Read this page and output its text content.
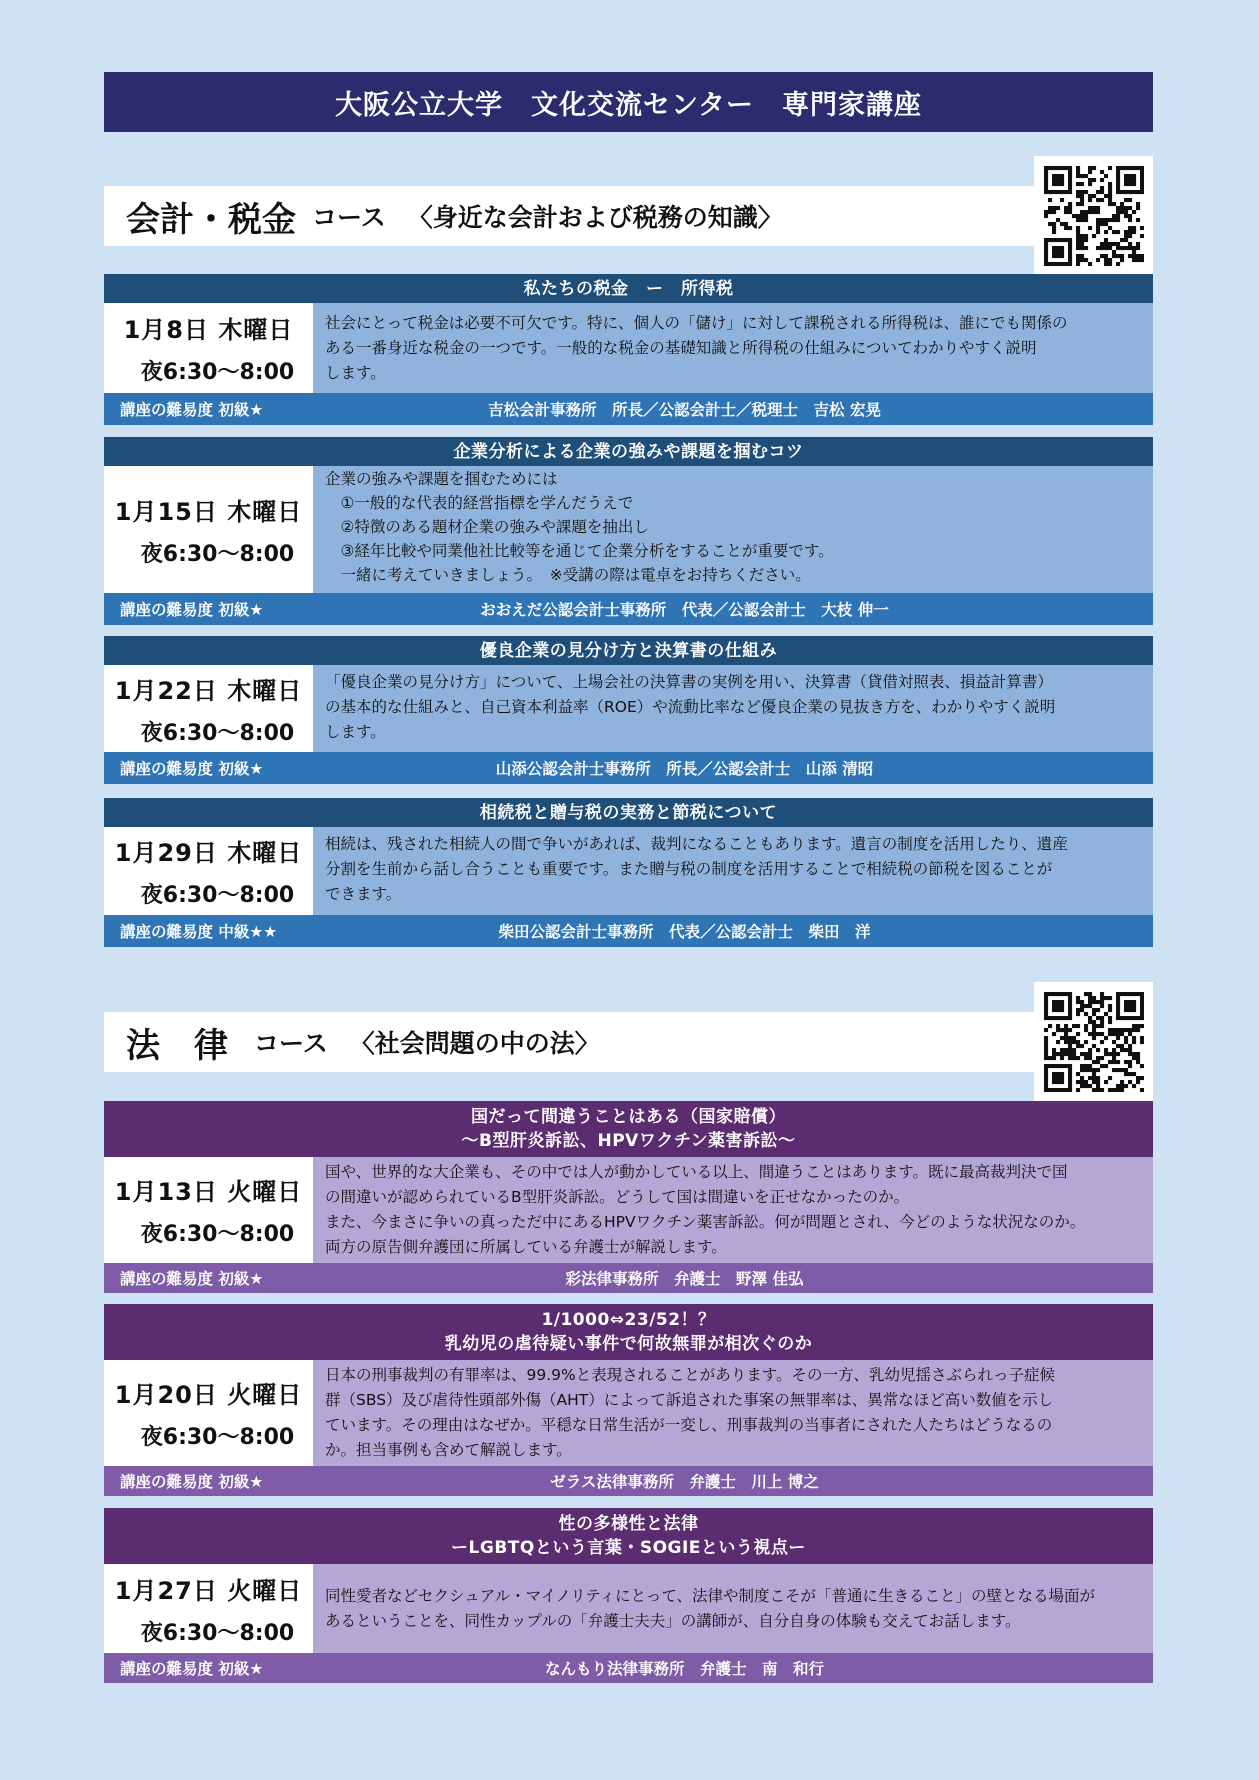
大阪公立大学　文化交流センター　専門家講座
会計・税金 コース 〈身近な会計および税務の知識〉
私たちの税金　ー　所得税
1月8日 木曜日
夜6:30～8:00
社会にとって税金は必要不可欠です。特に、個人の「儲け」に対して課税される所得税は、誰にでも関係の
ある一番身近な税金の一つです。一般的な税金の基礎知識と所得税の仕組みについてわかりやすく説明
します。
講座の難易度 初級★	吉松会計事務所　所長／公認会計士／税理士　吉松 宏晃
企業分析による企業の強みや課題を掴むコツ
1月15日 木曜日
夜6:30～8:00
企業の強みや課題を掴むためには
　①一般的な代表的経営指標を学んだうえで
　②特徴のある題材企業の強みや課題を抽出し
　③経年比較や同業他社比較等を通じて企業分析をすることが重要です。
　一緒に考えていきましょう。　※受講の際は電卓をお持ちください。
講座の難易度 初級★	おおえだ公認会計士事務所　代表／公認会計士　大枝 伸一
優良企業の見分け方と決算書の仕組み
1月22日 木曜日
夜6:30～8:00
「優良企業の見分け方」について、上場会社の決算書の実例を用い、決算書（貸借対照表、損益計算書）
の基本的な仕組みと、自己資本利益率（ROE）や流動比率など優良企業の見抜き方を、わかりやすく説明
します。
講座の難易度 初級★	山添公認会計士事務所　所長／公認会計士　山添 清昭
相続税と贈与税の実務と節税について
1月29日 木曜日
夜6:30～8:00
相続は、残された相続人の間で争いがあれば、裁判になることもあります。遺言の制度を活用したり、遺産
分割を生前から話し合うことも重要です。また贈与税の制度を活用することで相続税の節税を図ることが
できます。
講座の難易度 中級★★	柴田公認会計士事務所　代表／公認会計士　柴田　洋
法　律 コース 〈社会問題の中の法〉
国だって間違うことはある（国家賠償）
～B型肝炎訴訟、HPVワクチン薬害訴訟～
1月13日 火曜日
夜6:30～8:00
国や、世界的な大企業も、その中では人が動かしている以上、間違うことはあります。既に最高裁判決で国
の間違いが認められているB型肝炎訴訟。どうして国は間違いを正せなかったのか。
また、今まさに争いの真っただ中にあるHPVワクチン薬害訴訟。何が問題とされ、今どのような状況なのか。
両方の原告側弁護団に所属している弁護士が解説します。
講座の難易度 初級★	彩法律事務所　弁護士　野澤 佳弘
1/1000⇔23/52！？
乳幼児の虐待疑い事件で何故無罪が相次ぐのか
1月20日 火曜日
夜6:30～8:00
日本の刑事裁判の有罪率は、99.9%と表現されることがあります。その一方、乳幼児揺さぶられっ子症候
群（SBS）及び虐待性頭部外傷（AHT）によって訴追された事案の無罪率は、異常なほど高い数値を示し
ています。その理由はなぜか。平穏な日常生活が一変し、刑事裁判の当事者にされた人たちはどうなるの
か。担当事例も含めて解説します。
講座の難易度 初級★	ゼラス法律事務所　弁護士　川上 博之
性の多様性と法律
ーLGBTQという言葉・SOGIEという視点ー
1月27日 火曜日
夜6:30～8:00
同性愛者などセクシュアル・マイノリティにとって、法律や制度こそが「普通に生きること」の壁となる場面が
あるということを、同性カップルの「弁護士夫夫」の講師が、自分自身の体験も交えてお話します。
講座の難易度 初級★	なんもり法律事務所　弁護士　南　和行
